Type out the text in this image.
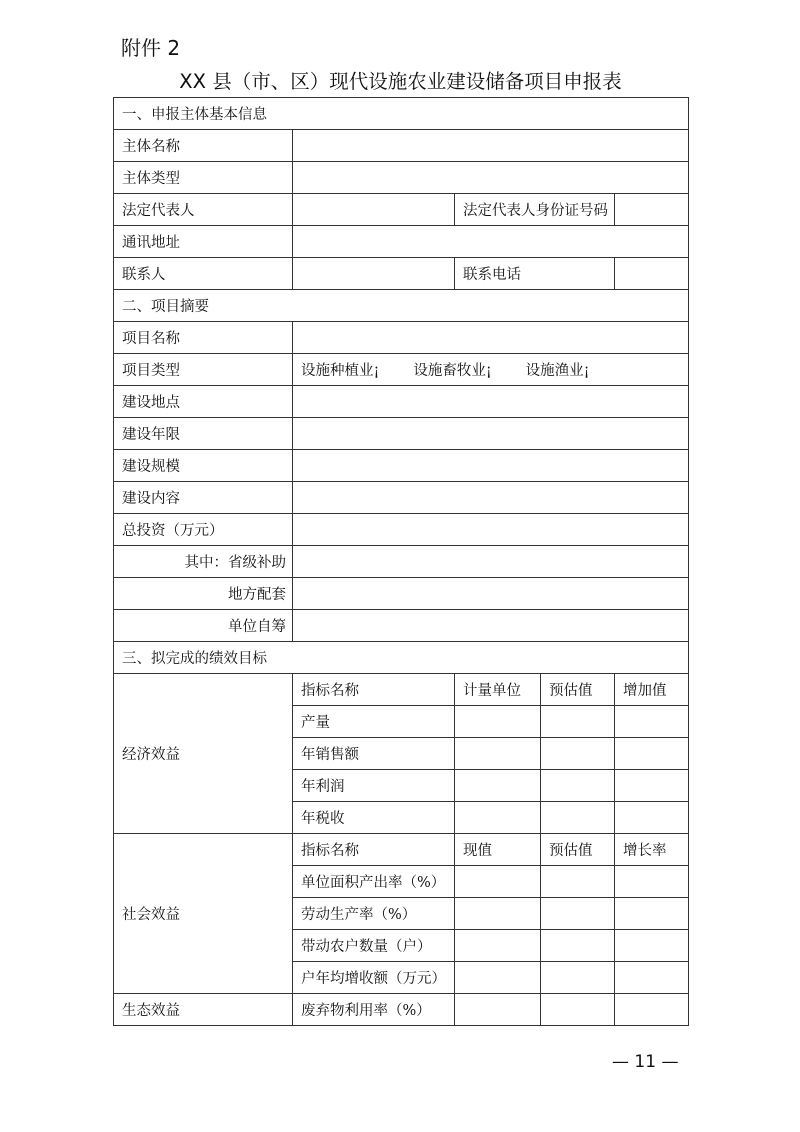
附件 2
XX 县（市、区）现代设施农业建设储备项目申报表
一、申报主体基本信息				
主体名称				
主体类型				
法定代表人		法定代表人身份证号码		
通讯地址				
联系人		联系电话		
二、项目摘要				
项目名称				
项目类型	设施种植业¡ 设施畜牧业¡ 设施渔业¡			

建设地点				
建设年限				
建设规模				
建设内容				
总投资（万元）				
其中：省级补助				
地方配套				
单位自筹				
三、拟完成的绩效目标				
经济效益	指标名称	计量单位	预估值	增加值
	产量			
	年销售额			
	年利润			
	年税收			
社会效益	指标名称	现值	预估值	增长率
	单位面积产出率（%）			
	劳动生产率（%）			
	带动农户数量（户）			
	户年均增收额（万元）			
生态效益	废弃物利用率（%）			
— 11 —
